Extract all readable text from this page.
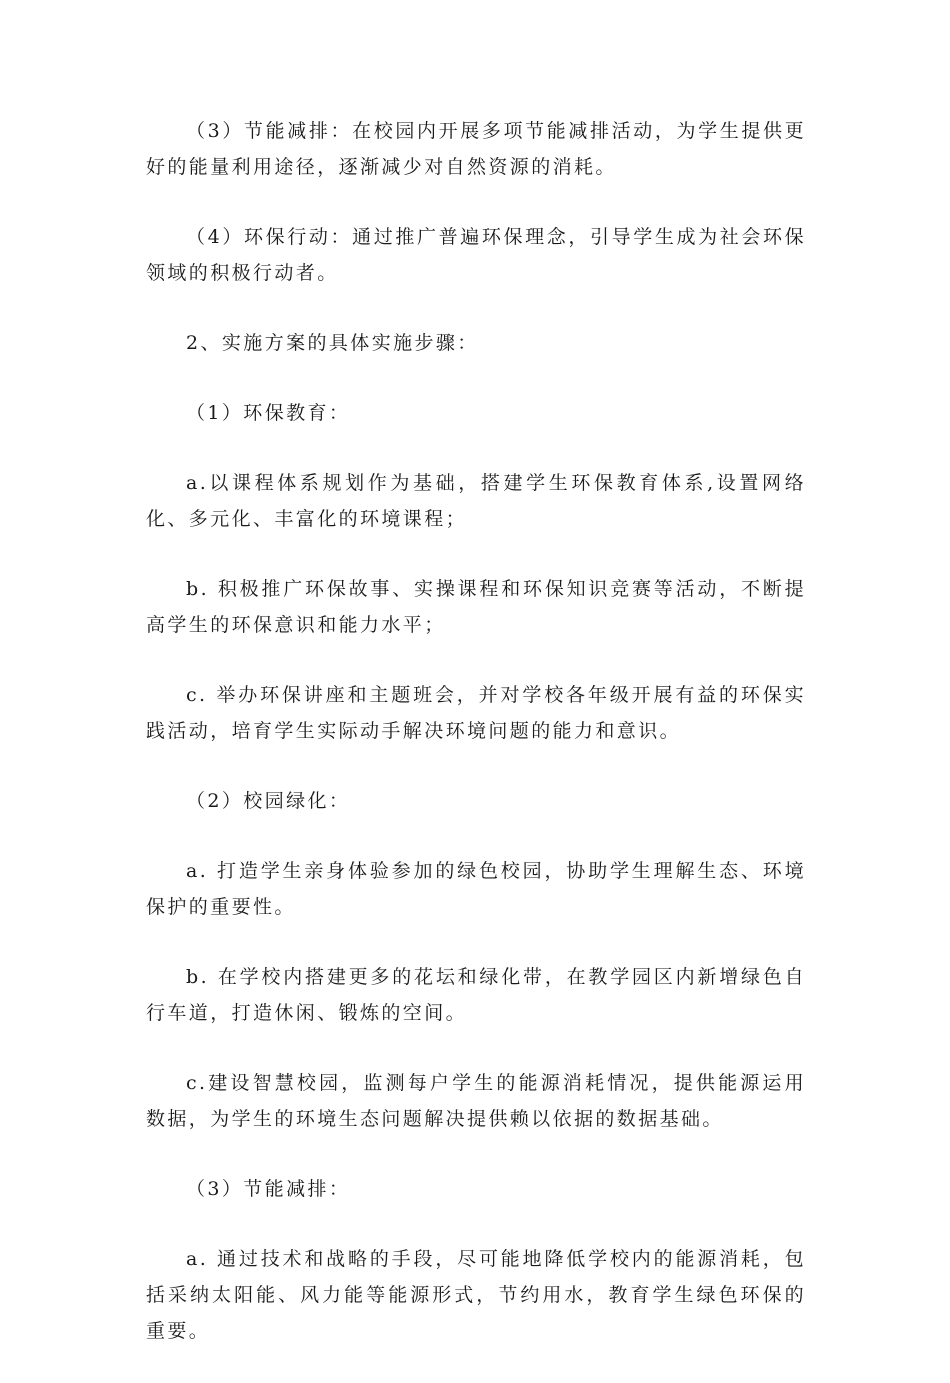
（3）节能减排：在校园内开展多项节能减排活动，为学生提供更好的能量利用途径，逐渐减少对自然资源的消耗。

（4）环保行动：通过推广普遍环保理念，引导学生成为社会环保领域的积极行动者。

2、实施方案的具体实施步骤：

（1）环保教育：

a.以课程体系规划作为基础，搭建学生环保教育体系,设置网络化、多元化、丰富化的环境课程；

b. 积极推广环保故事、实操课程和环保知识竞赛等活动，不断提高学生的环保意识和能力水平；

c. 举办环保讲座和主题班会，并对学校各年级开展有益的环保实践活动，培育学生实际动手解决环境问题的能力和意识。

（2）校园绿化：

a. 打造学生亲身体验参加的绿色校园，协助学生理解生态、环境保护的重要性。

b. 在学校内搭建更多的花坛和绿化带，在教学园区内新增绿色自行车道，打造休闲、锻炼的空间。

c.建设智慧校园，监测每户学生的能源消耗情况，提供能源运用数据，为学生的环境生态问题解决提供赖以依据的数据基础。

（3）节能减排：

a. 通过技术和战略的手段，尽可能地降低学校内的能源消耗，包括采纳太阳能、风力能等能源形式，节约用水，教育学生绿色环保的重要。
